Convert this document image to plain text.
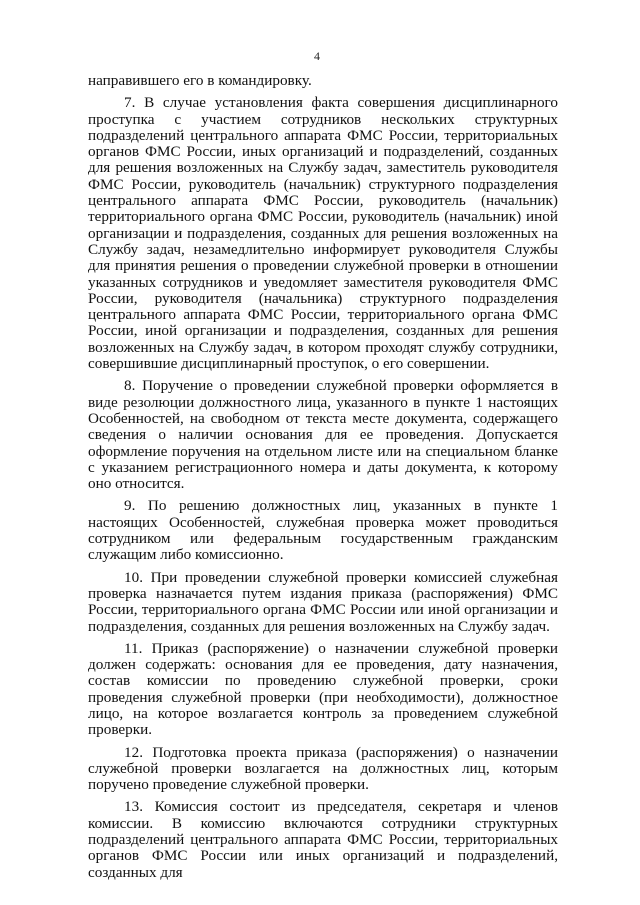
4

направившего его в командировку.

7. В случае установления факта совершения дисциплинарного проступка с участием сотрудников нескольких структурных подразделений центрального аппарата ФМС России, территориальных органов ФМС России, иных организаций и подразделений, созданных для решения возложенных на Службу задач, заместитель руководителя ФМС России, руководитель (начальник) структурного подразделения центрального аппарата ФМС России, руководитель (начальник) территориального органа ФМС России, руководитель (начальник) иной организации и подразделения, созданных для решения возложенных на Службу задач, незамедлительно информирует руководителя Службы для принятия решения о проведении служебной проверки в отношении указанных сотрудников и уведомляет заместителя руководителя ФМС России, руководителя (начальника) структурного подразделения центрального аппарата ФМС России, территориального органа ФМС России, иной организации и подразделения, созданных для решения возложенных на Службу задач, в котором проходят службу сотрудники, совершившие дисциплинарный проступок, о его совершении.

8. Поручение о проведении служебной проверки оформляется в виде резолюции должностного лица, указанного в пункте 1 настоящих Особенностей, на свободном от текста месте документа, содержащего сведения о наличии основания для ее проведения. Допускается оформление поручения на отдельном листе или на специальном бланке с указанием регистрационного номера и даты документа, к которому оно относится.

9. По решению должностных лиц, указанных в пункте 1 настоящих Особенностей, служебная проверка может проводиться сотрудником или федеральным государственным гражданским служащим либо комиссионно.

10. При проведении служебной проверки комиссией служебная проверка назначается путем издания приказа (распоряжения) ФМС России, территориального органа ФМС России или иной организации и подразделения, созданных для решения возложенных на Службу задач.

11. Приказ (распоряжение) о назначении служебной проверки должен содержать: основания для ее проведения, дату назначения, состав комиссии по проведению служебной проверки, сроки проведения служебной проверки (при необходимости), должностное лицо, на которое возлагается контроль за проведением служебной проверки.

12. Подготовка проекта приказа (распоряжения) о назначении служебной проверки возлагается на должностных лиц, которым поручено проведение служебной проверки.

13. Комиссия состоит из председателя, секретаря и членов комиссии. В комиссию включаются сотрудники структурных подразделений центрального аппарата ФМС России, территориальных органов ФМС России или иных организаций и подразделений, созданных для
